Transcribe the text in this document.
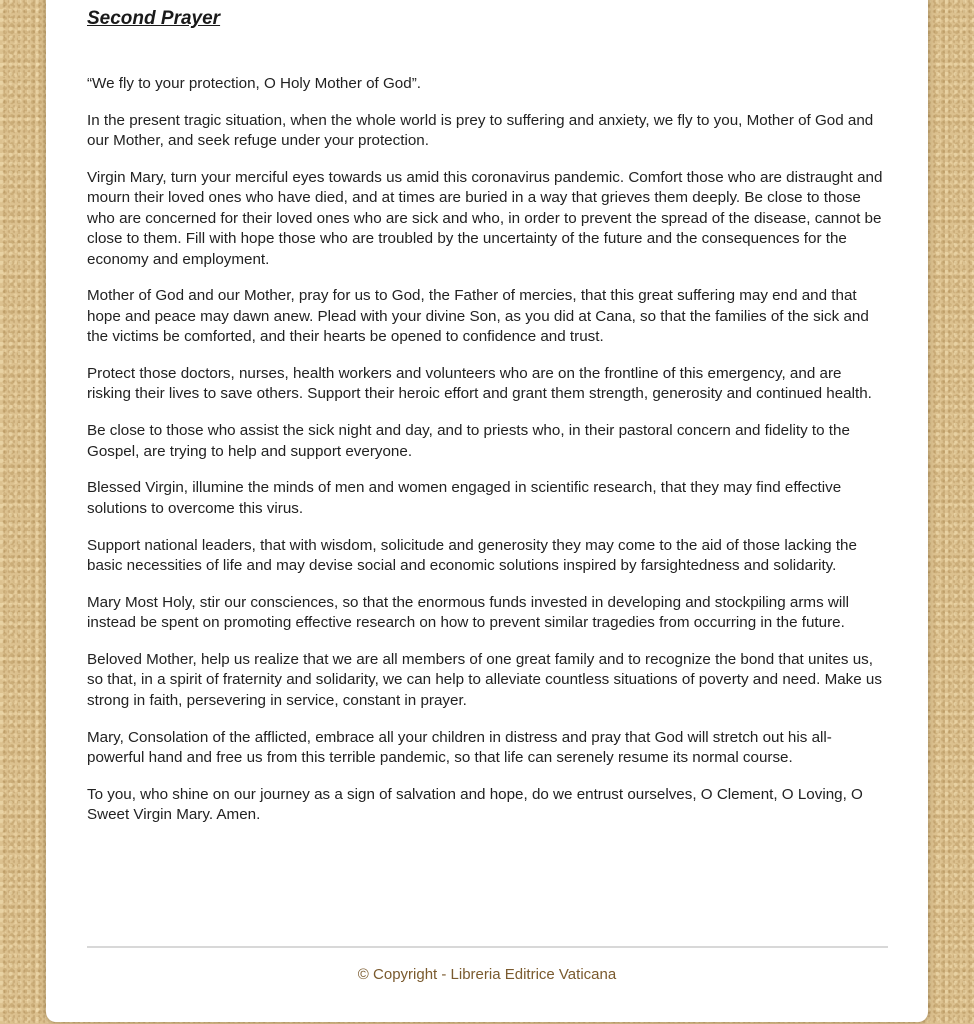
Second Prayer

“We fly to your protection, O Holy Mother of God”.

In the present tragic situation, when the whole world is prey to suffering and anxiety, we fly to you, Mother of God and our Mother, and seek refuge under your protection.

Virgin Mary, turn your merciful eyes towards us amid this coronavirus pandemic. Comfort those who are distraught and mourn their loved ones who have died, and at times are buried in a way that grieves them deeply. Be close to those who are concerned for their loved ones who are sick and who, in order to prevent the spread of the disease, cannot be close to them. Fill with hope those who are troubled by the uncertainty of the future and the consequences for the economy and employment.

Mother of God and our Mother, pray for us to God, the Father of mercies, that this great suffering may end and that hope and peace may dawn anew. Plead with your divine Son, as you did at Cana, so that the families of the sick and the victims be comforted, and their hearts be opened to confidence and trust.

Protect those doctors, nurses, health workers and volunteers who are on the frontline of this emergency, and are risking their lives to save others. Support their heroic effort and grant them strength, generosity and continued health.

Be close to those who assist the sick night and day, and to priests who, in their pastoral concern and fidelity to the Gospel, are trying to help and support everyone.

Blessed Virgin, illumine the minds of men and women engaged in scientific research, that they may find effective solutions to overcome this virus.

Support national leaders, that with wisdom, solicitude and generosity they may come to the aid of those lacking the basic necessities of life and may devise social and economic solutions inspired by farsightedness and solidarity.

Mary Most Holy, stir our consciences, so that the enormous funds invested in developing and stockpiling arms will instead be spent on promoting effective research on how to prevent similar tragedies from occurring in the future.

Beloved Mother, help us realize that we are all members of one great family and to recognize the bond that unites us, so that, in a spirit of fraternity and solidarity, we can help to alleviate countless situations of poverty and need. Make us strong in faith, persevering in service, constant in prayer.

Mary, Consolation of the afflicted, embrace all your children in distress and pray that God will stretch out his all-powerful hand and free us from this terrible pandemic, so that life can serenely resume its normal course.

To you, who shine on our journey as a sign of salvation and hope, do we entrust ourselves, O Clement, O Loving, O Sweet Virgin Mary. Amen.

© Copyright - Libreria Editrice Vaticana
